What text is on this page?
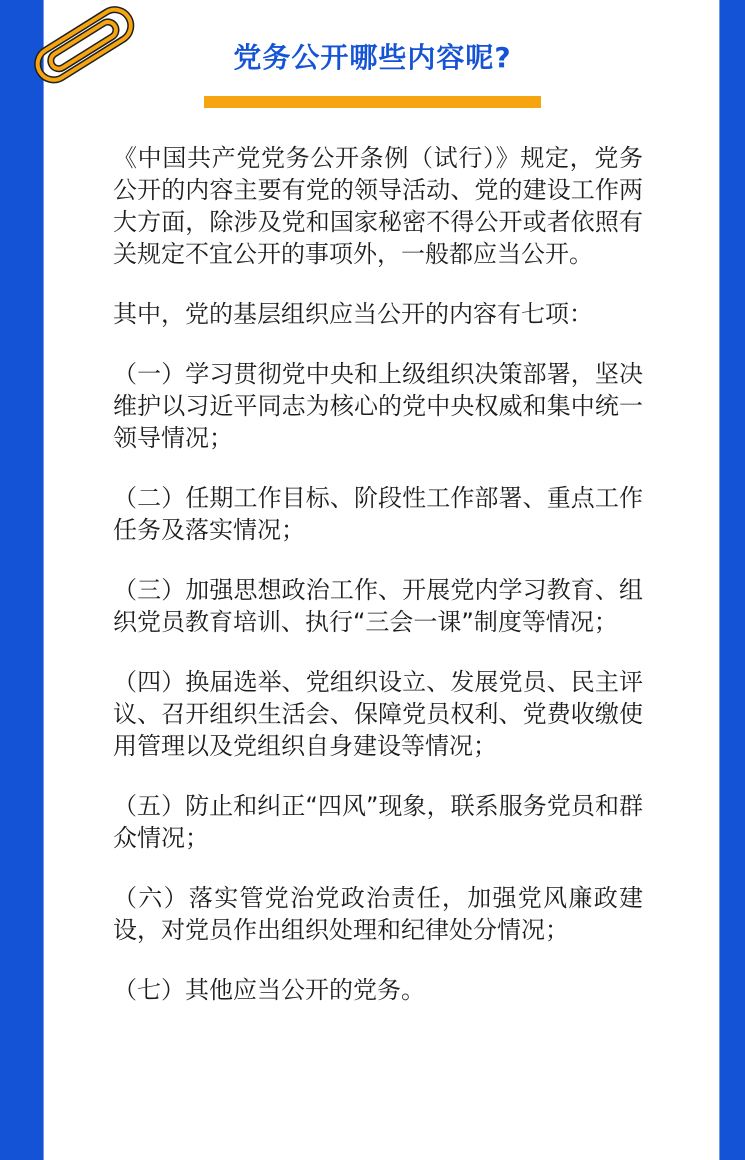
党务公开哪些内容呢?

《中国共产党党务公开条例（试行）》规定，党务公开的内容主要有党的领导活动、党的建设工作两大方面，除涉及党和国家秘密不得公开或者依照有关规定不宜公开的事项外，一般都应当公开。

其中，党的基层组织应当公开的内容有七项：

（一）学习贯彻党中央和上级组织决策部署，坚决维护以习近平同志为核心的党中央权威和集中统一领导情况；

（二）任期工作目标、阶段性工作部署、重点工作任务及落实情况；

（三）加强思想政治工作、开展党内学习教育、组织党员教育培训、执行“三会一课”制度等情况；

（四）换届选举、党组织设立、发展党员、民主评议、召开组织生活会、保障党员权利、党费收缴使用管理以及党组织自身建设等情况；

（五）防止和纠正“四风”现象，联系服务党员和群众情况；

（六）落实管党治党政治责任，加强党风廉政建设，对党员作出组织处理和纪律处分情况；

（七）其他应当公开的党务。
